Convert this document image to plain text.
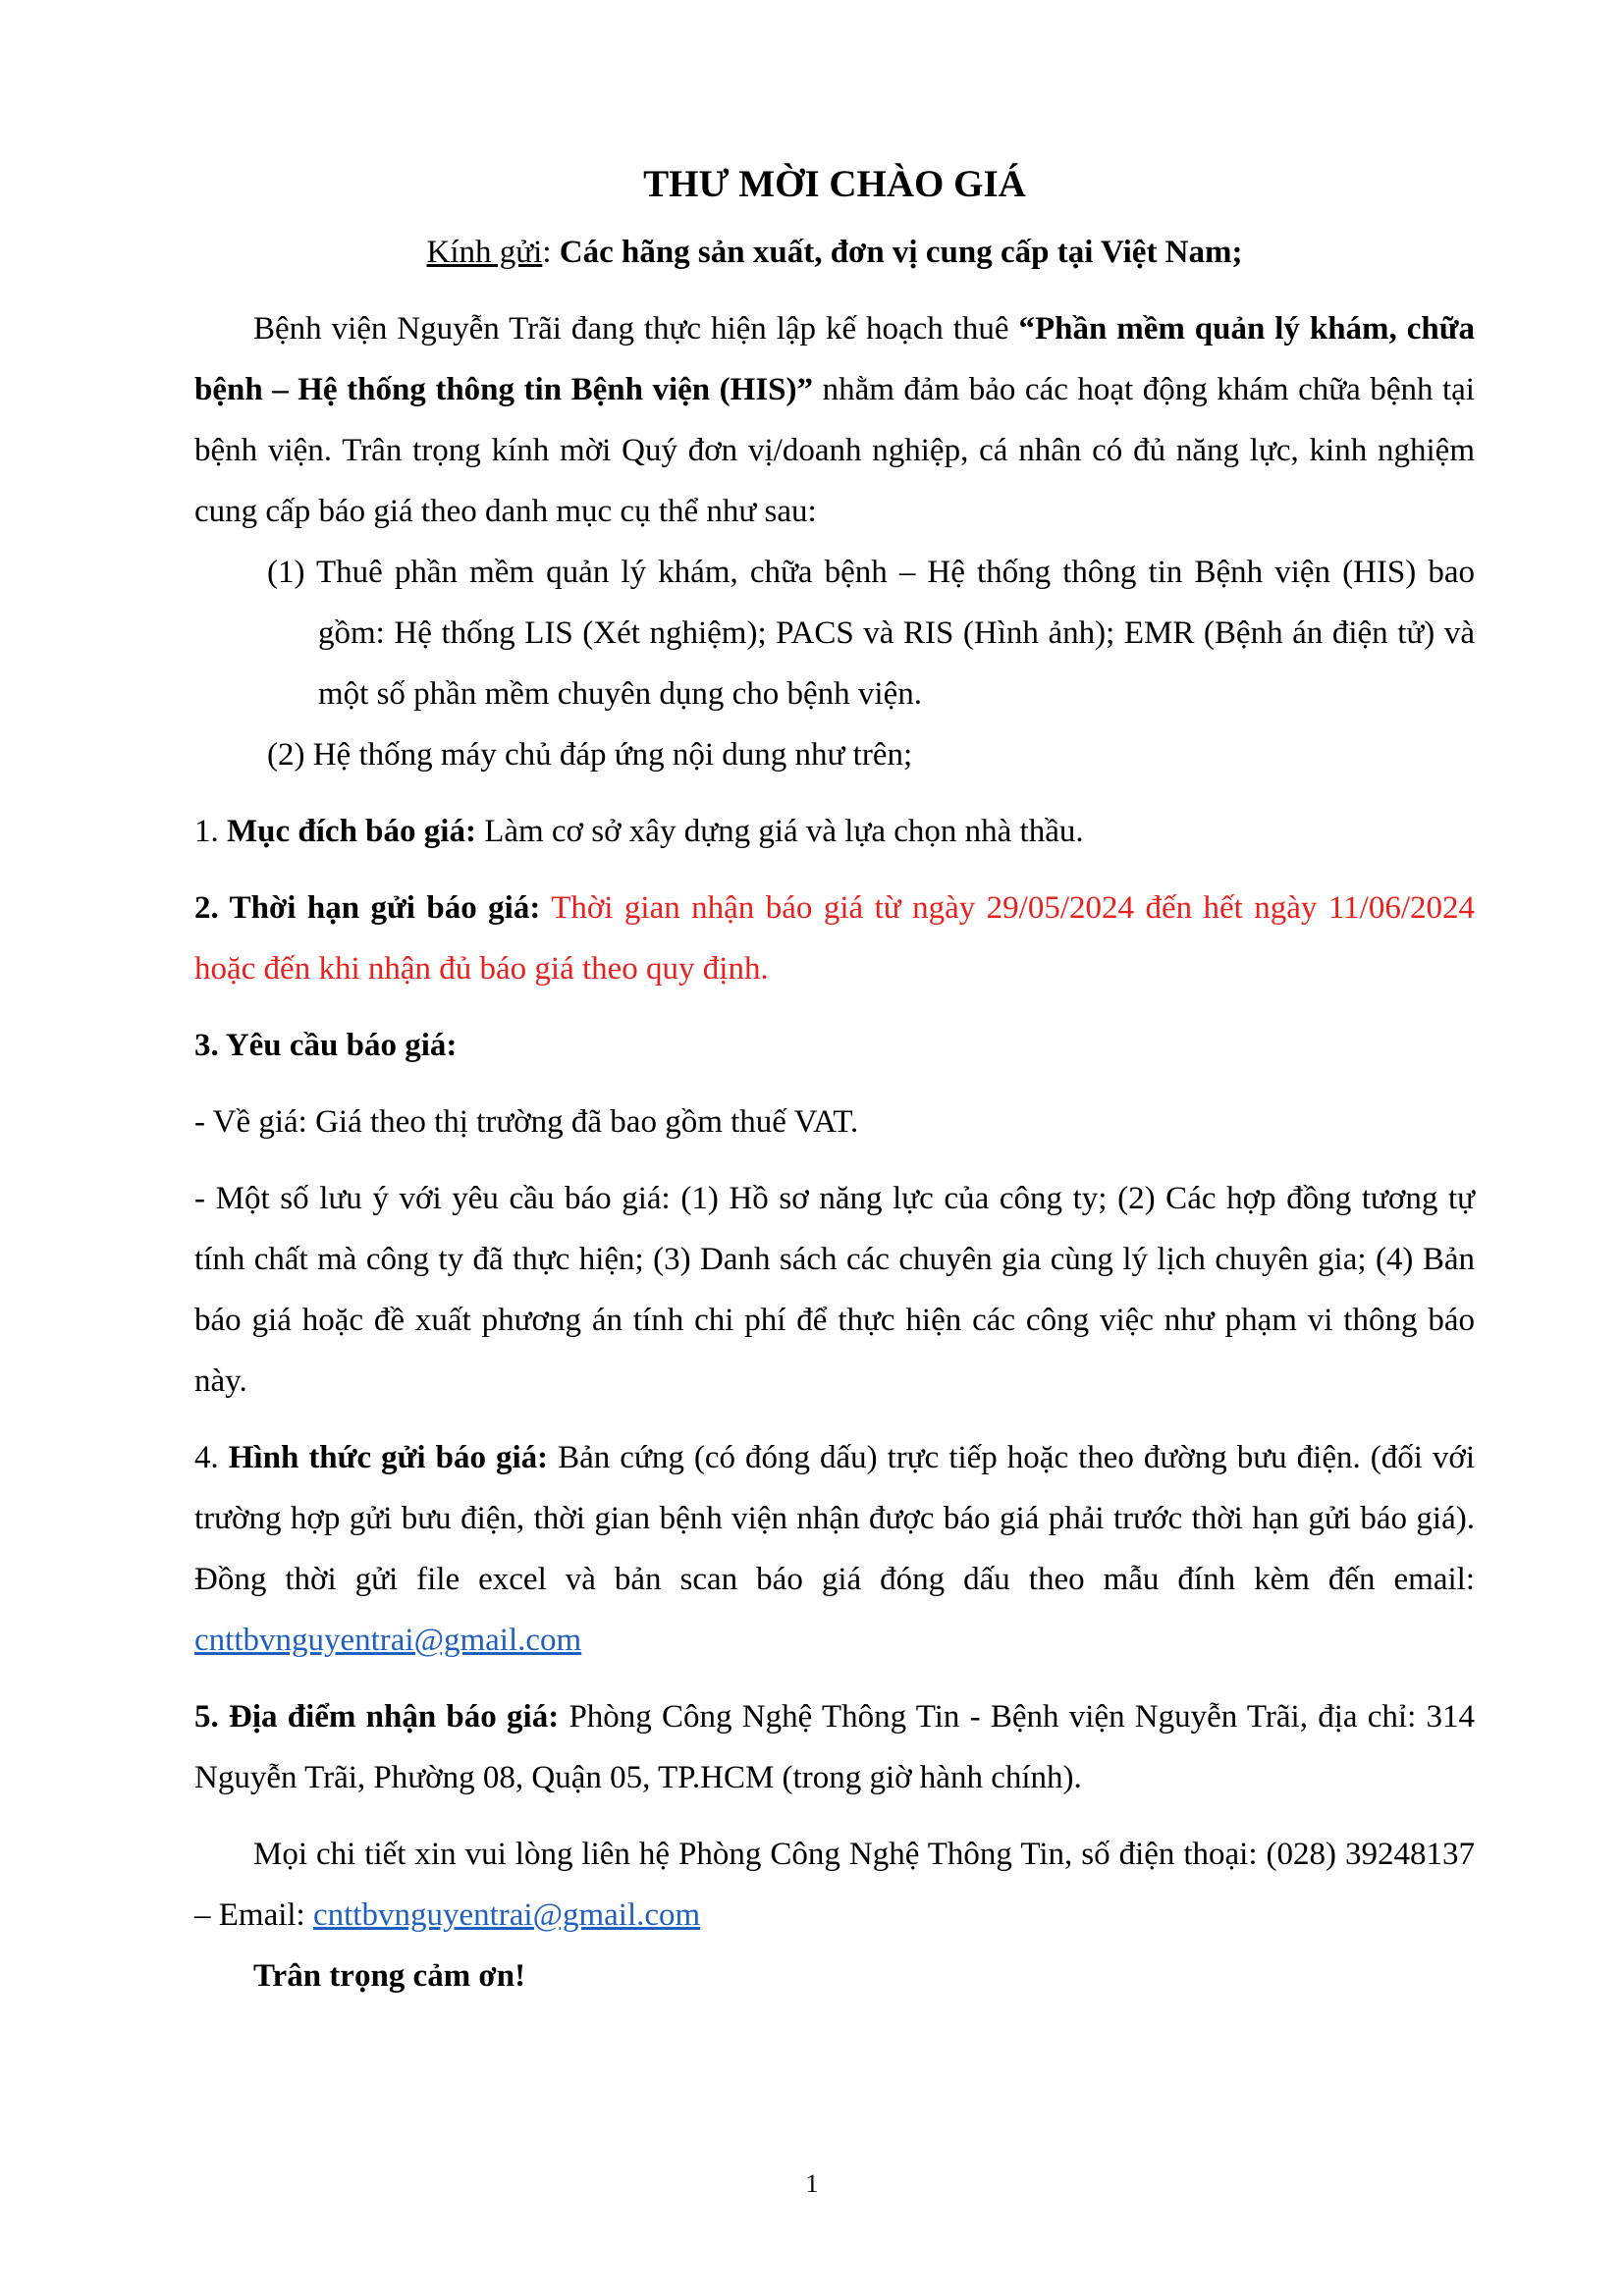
THƯ MỜI CHÀO GIÁ

Kính gửi: Các hãng sản xuất, đơn vị cung cấp tại Việt Nam;

Bệnh viện Nguyễn Trãi đang thực hiện lập kế hoạch thuê “Phần mềm quản lý khám, chữa bệnh – Hệ thống thông tin Bệnh viện (HIS)” nhằm đảm bảo các hoạt động khám chữa bệnh tại bệnh viện. Trân trọng kính mời Quý đơn vị/doanh nghiệp, cá nhân có đủ năng lực, kinh nghiệm cung cấp báo giá theo danh mục cụ thể như sau:

(1) Thuê phần mềm quản lý khám, chữa bệnh – Hệ thống thông tin Bệnh viện (HIS) bao gồm: Hệ thống LIS (Xét nghiệm); PACS và RIS (Hình ảnh); EMR (Bệnh án điện tử) và một số phần mềm chuyên dụng cho bệnh viện.

(2) Hệ thống máy chủ đáp ứng nội dung như trên;

1. Mục đích báo giá: Làm cơ sở xây dựng giá và lựa chọn nhà thầu.

2. Thời hạn gửi báo giá: Thời gian nhận báo giá từ ngày 29/05/2024 đến hết ngày 11/06/2024 hoặc đến khi nhận đủ báo giá theo quy định.

3. Yêu cầu báo giá:

- Về giá: Giá theo thị trường đã bao gồm thuế VAT.

- Một số lưu ý với yêu cầu báo giá: (1) Hồ sơ năng lực của công ty; (2) Các hợp đồng tương tự tính chất mà công ty đã thực hiện; (3) Danh sách các chuyên gia cùng lý lịch chuyên gia; (4) Bản báo giá hoặc đề xuất phương án tính chi phí để thực hiện các công việc như phạm vi thông báo này.

4. Hình thức gửi báo giá: Bản cứng (có đóng dấu) trực tiếp hoặc theo đường bưu điện. (đối với trường hợp gửi bưu điện, thời gian bệnh viện nhận được báo giá phải trước thời hạn gửi báo giá). Đồng thời gửi file excel và bản scan báo giá đóng dấu theo mẫu đính kèm đến email: cnttbvnguyentrai@gmail.com

5. Địa điểm nhận báo giá: Phòng Công Nghệ Thông Tin - Bệnh viện Nguyễn Trãi, địa chỉ: 314 Nguyễn Trãi, Phường 08, Quận 05, TP.HCM (trong giờ hành chính).

Mọi chi tiết xin vui lòng liên hệ Phòng Công Nghệ Thông Tin, số điện thoại: (028) 39248137 – Email: cnttbvnguyentrai@gmail.com

Trân trọng cảm ơn!

1
